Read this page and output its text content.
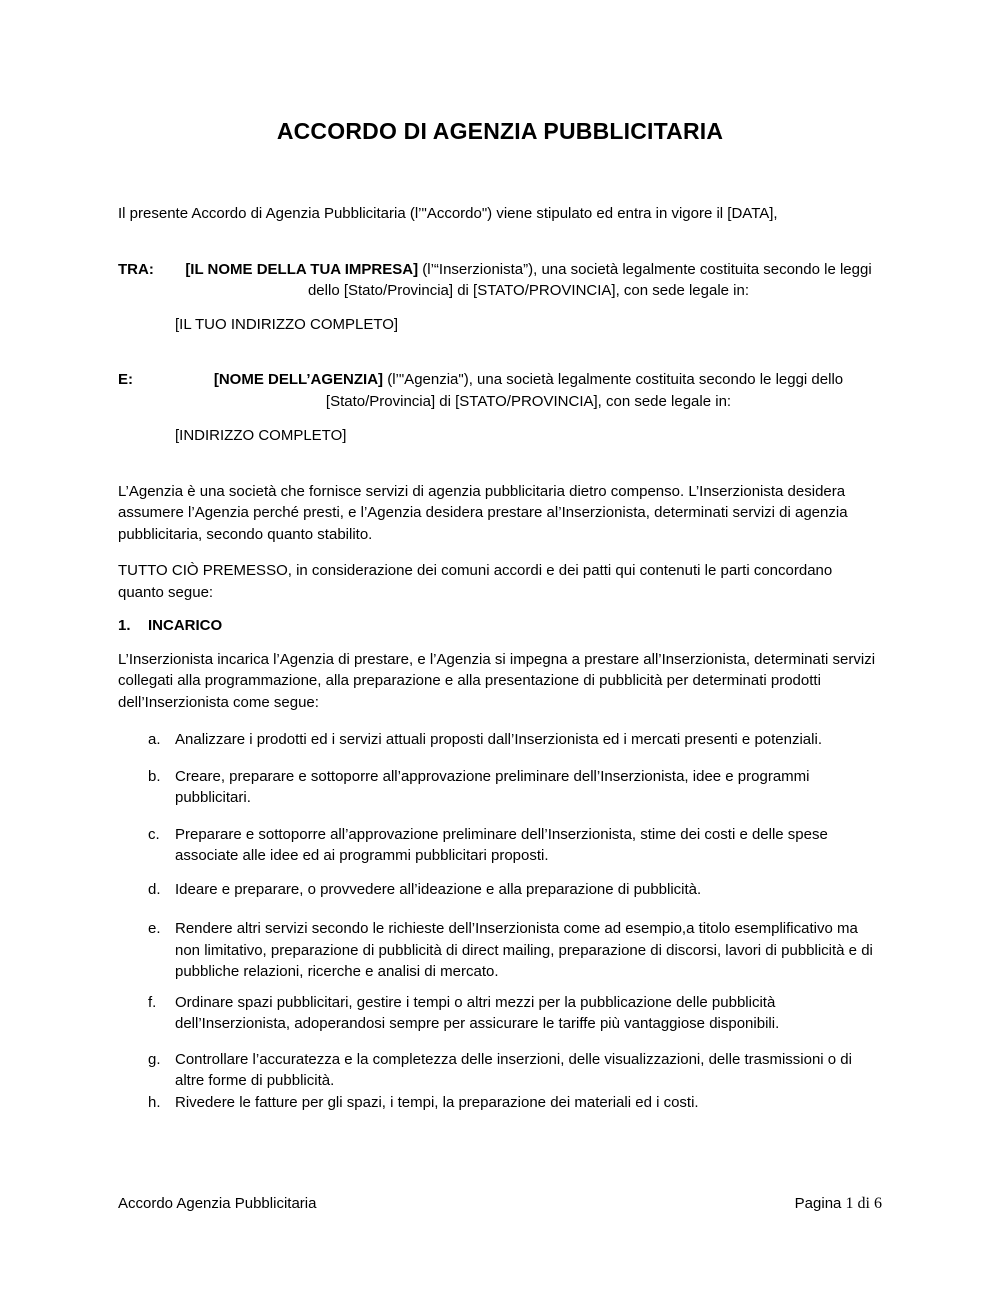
ACCORDO DI AGENZIA PUBBLICITARIA

Il presente Accordo di Agenzia Pubblicitaria (l’"Accordo") viene stipulato ed entra in vigore il [DATA],

TRA:	[IL NOME DELLA TUA IMPRESA] (l’“Inserzionista”), una società legalmente costituita secondo le leggi dello [Stato/Provincia] di [STATO/PROVINCIA], con sede legale in:

[IL TUO INDIRIZZO COMPLETO]

E:	[NOME DELL’AGENZIA] (l’"Agenzia"), una società legalmente costituita secondo le leggi dello [Stato/Provincia] di [STATO/PROVINCIA], con sede legale in:

[INDIRIZZO COMPLETO]

L’Agenzia è una società che fornisce servizi di agenzia pubblicitaria dietro compenso. L’Inserzionista desidera assumere l’Agenzia perché presti, e l’Agenzia desidera prestare al’Inserzionista, determinati servizi di agenzia pubblicitaria, secondo quanto stabilito.

TUTTO CIÒ PREMESSO, in considerazione dei comuni accordi e dei patti qui contenuti le parti concordano quanto segue:

1.	INCARICO

L’Inserzionista incarica l’Agenzia di prestare, e l’Agenzia si impegna a prestare all’Inserzionista, determinati servizi collegati alla programmazione, alla preparazione e alla presentazione di pubblicità per determinati prodotti dell’Inserzionista come segue:

a. Analizzare i prodotti ed i servizi attuali proposti dall’Inserzionista ed i mercati presenti e potenziali.
b. Creare, preparare e sottoporre all’approvazione preliminare dell’Inserzionista, idee e programmi pubblicitari.
c.	Preparare e sottoporre all’approvazione preliminare dell’Inserzionista, stime dei costi e delle spese associate alle idee ed ai programmi pubblicitari proposti.
d. Ideare e preparare, o provvedere all’ideazione e alla preparazione di pubblicità.
e. Rendere altri servizi secondo le richieste dell’Inserzionista come ad esempio,a titolo esemplificativo ma non limitativo, preparazione di pubblicità di direct mailing, preparazione di discorsi, lavori di pubblicità e di pubbliche relazioni, ricerche e analisi di mercato.
f.	Ordinare spazi pubblicitari, gestire i tempi o altri mezzi per la pubblicazione delle pubblicità dell’Inserzionista, adoperandosi sempre per assicurare le tariffe più vantaggiose disponibili.
g. Controllare l’accuratezza e la completezza delle inserzioni, delle visualizzazioni, delle trasmissioni o di altre forme di pubblicità.
h. Rivedere le fatture per gli spazi, i tempi, la preparazione dei materiali ed i costi.
Accordo Agenzia Pubblicitaria	Pagina 1 di 6
